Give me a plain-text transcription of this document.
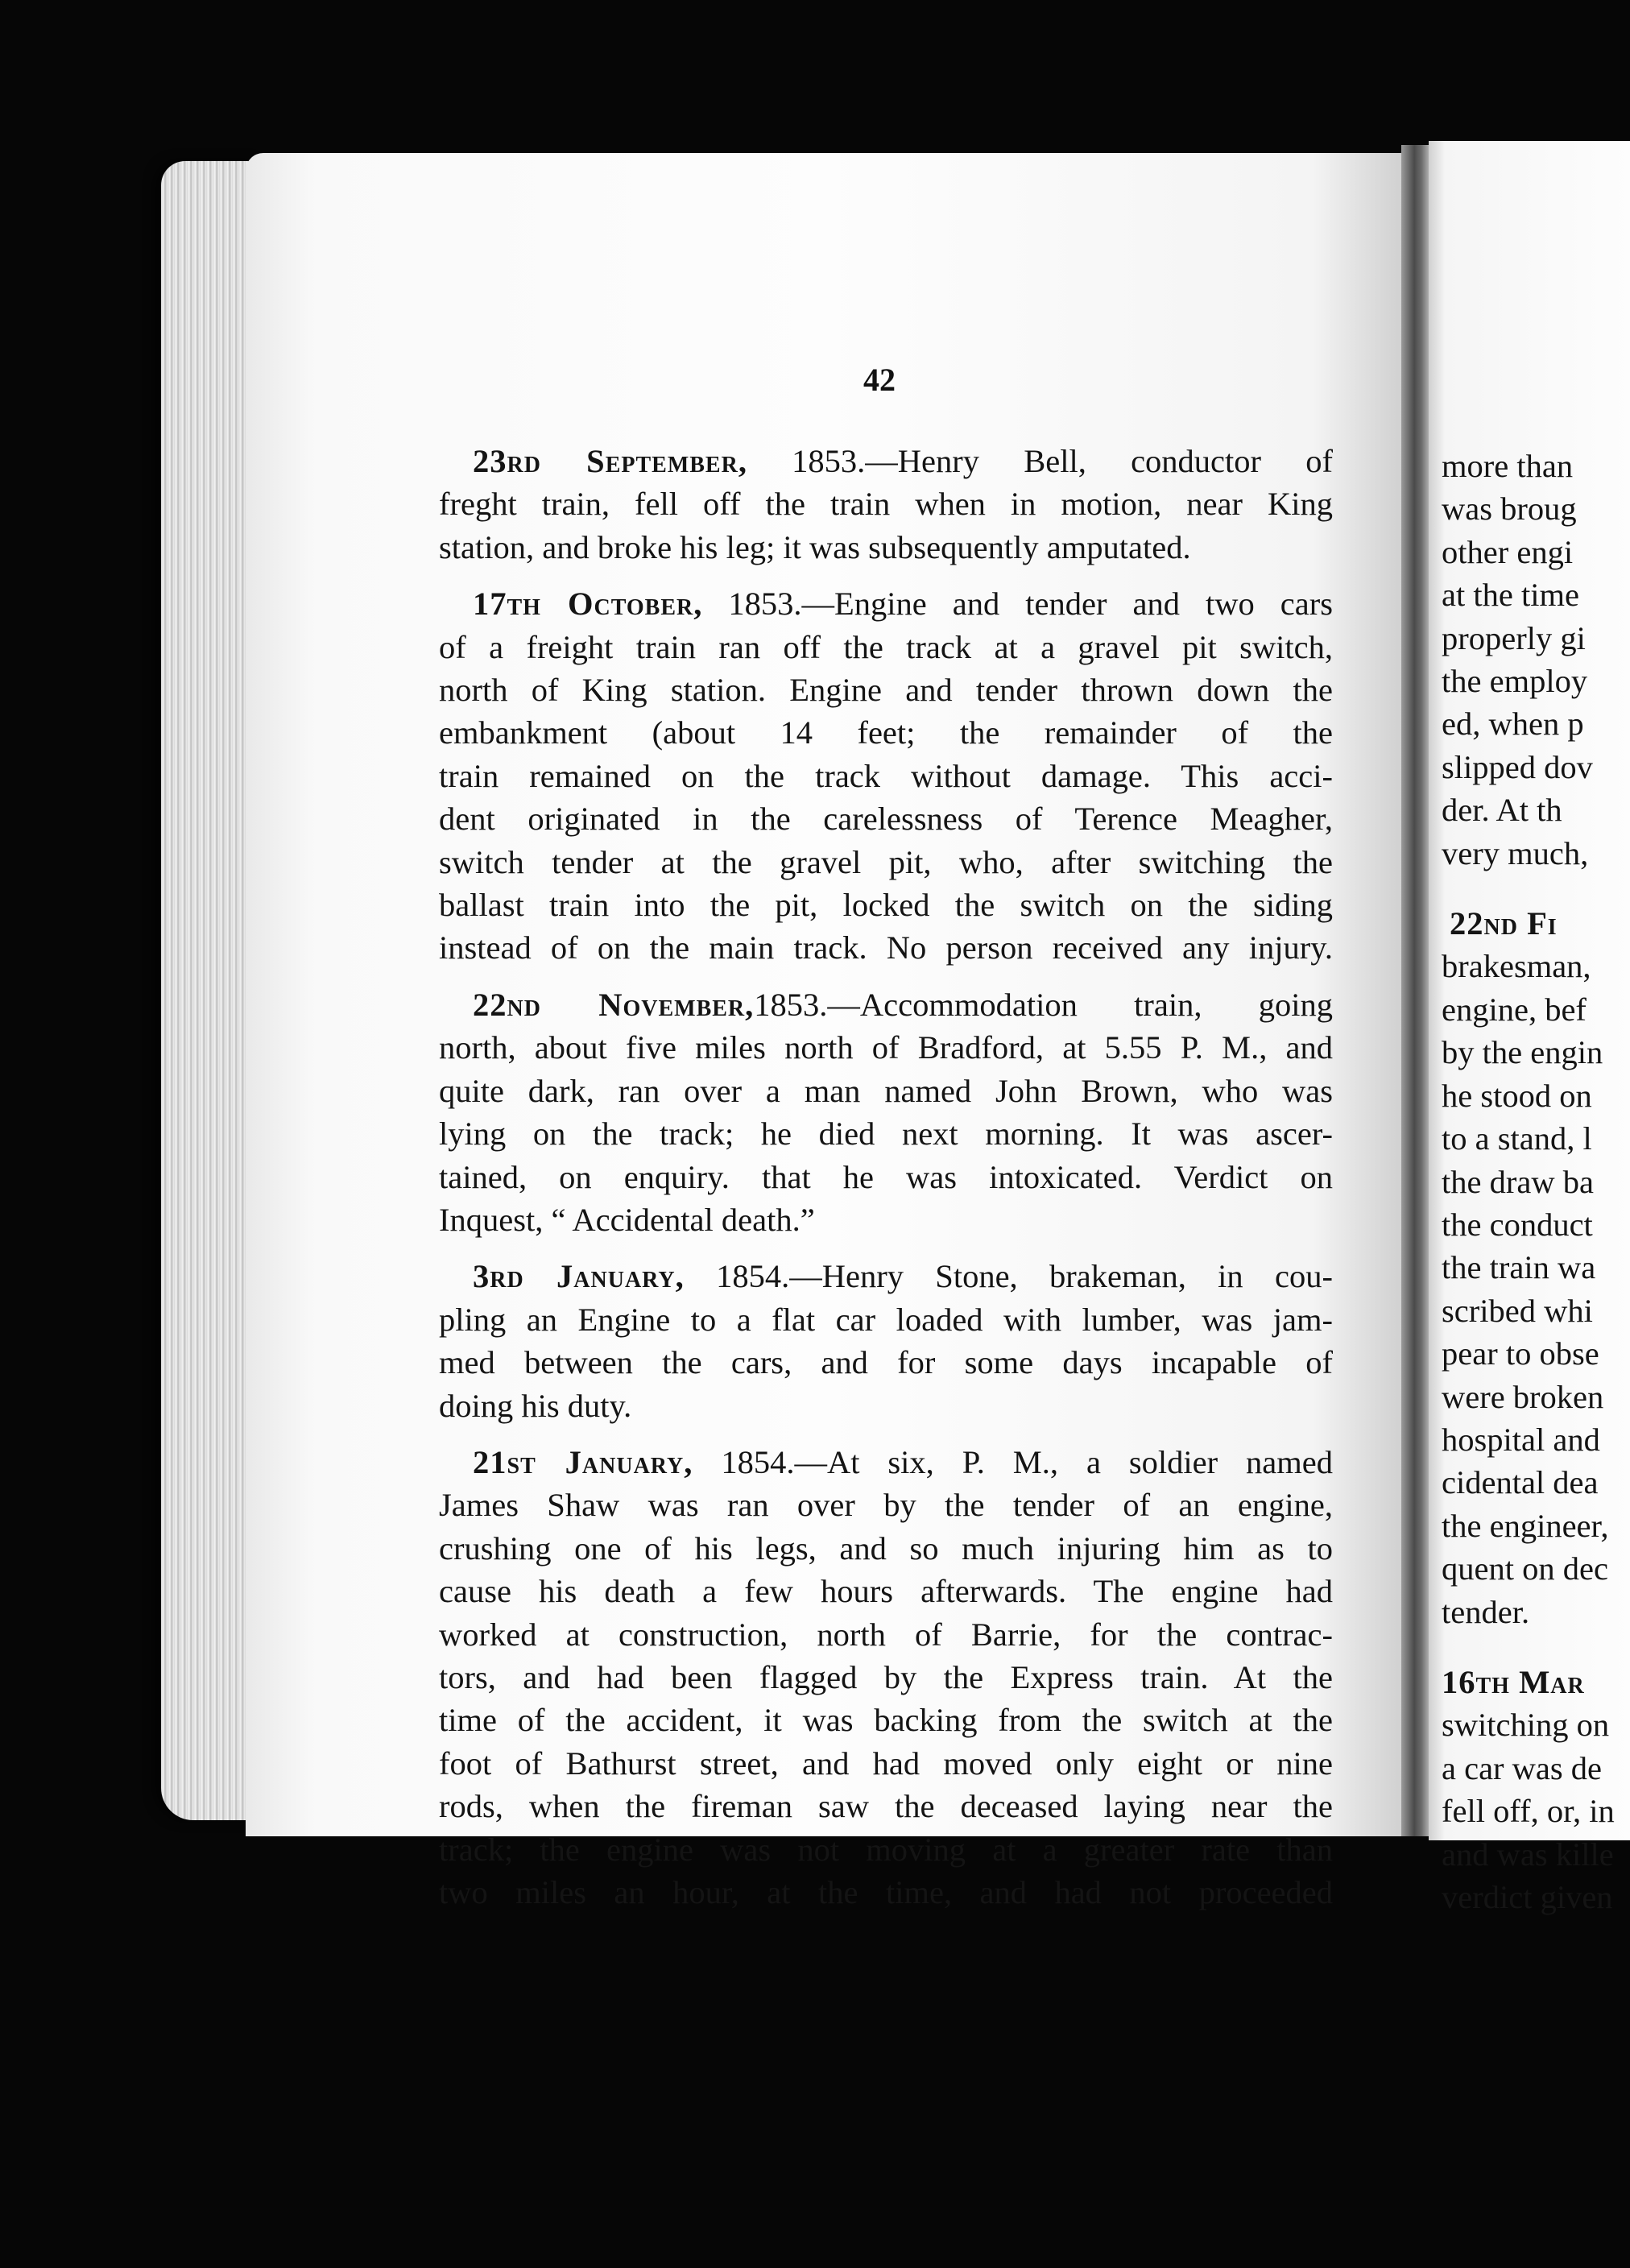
42
23rd September, 1853.—Henry Bell, conductor of
freght train, fell off the train when in motion, near King
station, and broke his leg; it was subsequently amputated.
17th October, 1853.—Engine and tender and two cars
of a freight train ran off the track at a gravel pit switch,
north of King station. Engine and tender thrown down the
embankment (about 14 feet; the remainder of the
train remained on the track without damage. This acci-
dent originated in the carelessness of Terence Meagher,
switch tender at the gravel pit, who, after switching the
ballast train into the pit, locked the switch on the siding
instead of on the main track. No person received any injury.
22nd November,1853.—Accommodation train, going
north, about five miles north of Bradford, at 5.55 P. M., and
quite dark, ran over a man named John Brown, who was
lying on the track; he died next morning. It was ascer-
tained, on enquiry. that he was intoxicated. Verdict on
Inquest, “ Accidental death.”
3rd January, 1854.—Henry Stone, brakeman, in cou-
pling an Engine to a flat car loaded with lumber, was jam-
med between the cars, and for some days incapable of
doing his duty.
21st January, 1854.—At six, P. M., a soldier named
James Shaw was ran over by the tender of an engine,
crushing one of his legs, and so much injuring him as to
cause his death a few hours afterwards. The engine had
worked at construction, north of Barrie, for the contrac-
tors, and had been flagged by the Express train. At the
time of the accident, it was backing from the switch at the
foot of Bathurst street, and had moved only eight or nine
rods, when the fireman saw the deceased laying near the
track; the engine was not moving at a greater rate than
two miles an hour, at the time, and had not proceeded
more than
was broug
other engi
at the time
properly gi
the employ
ed, when p
slipped dov
der. At th
very much,
22nd Fi
brakesman,
engine, bef
by the engin
he stood on
to a stand, l
the draw ba
the conduct
the train wa
scribed whi
pear to obse
were broken
hospital and
cidental dea
the engineer,
quent on dec
tender.
16th Mar
switching on
a car was de
fell off, or, in
and was kille
verdict given
